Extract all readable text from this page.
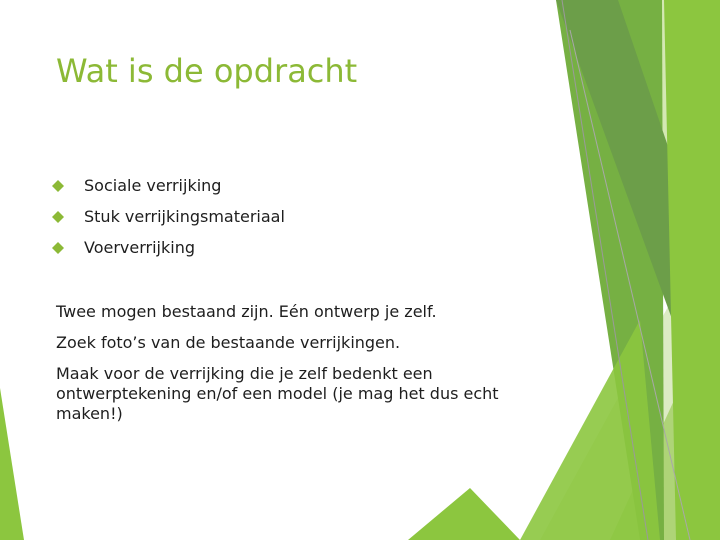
Wat is de opdracht
Sociale verrijking
Stuk verrijkingsmateriaal
Voerverrijking

Twee mogen bestaand zijn. Eén ontwerp je zelf.

Zoek foto’s van de bestaande verrijkingen.

Maak voor de verrijking die je zelf bedenkt een ontwerptekening en/of een model (je mag het dus echt maken!)
